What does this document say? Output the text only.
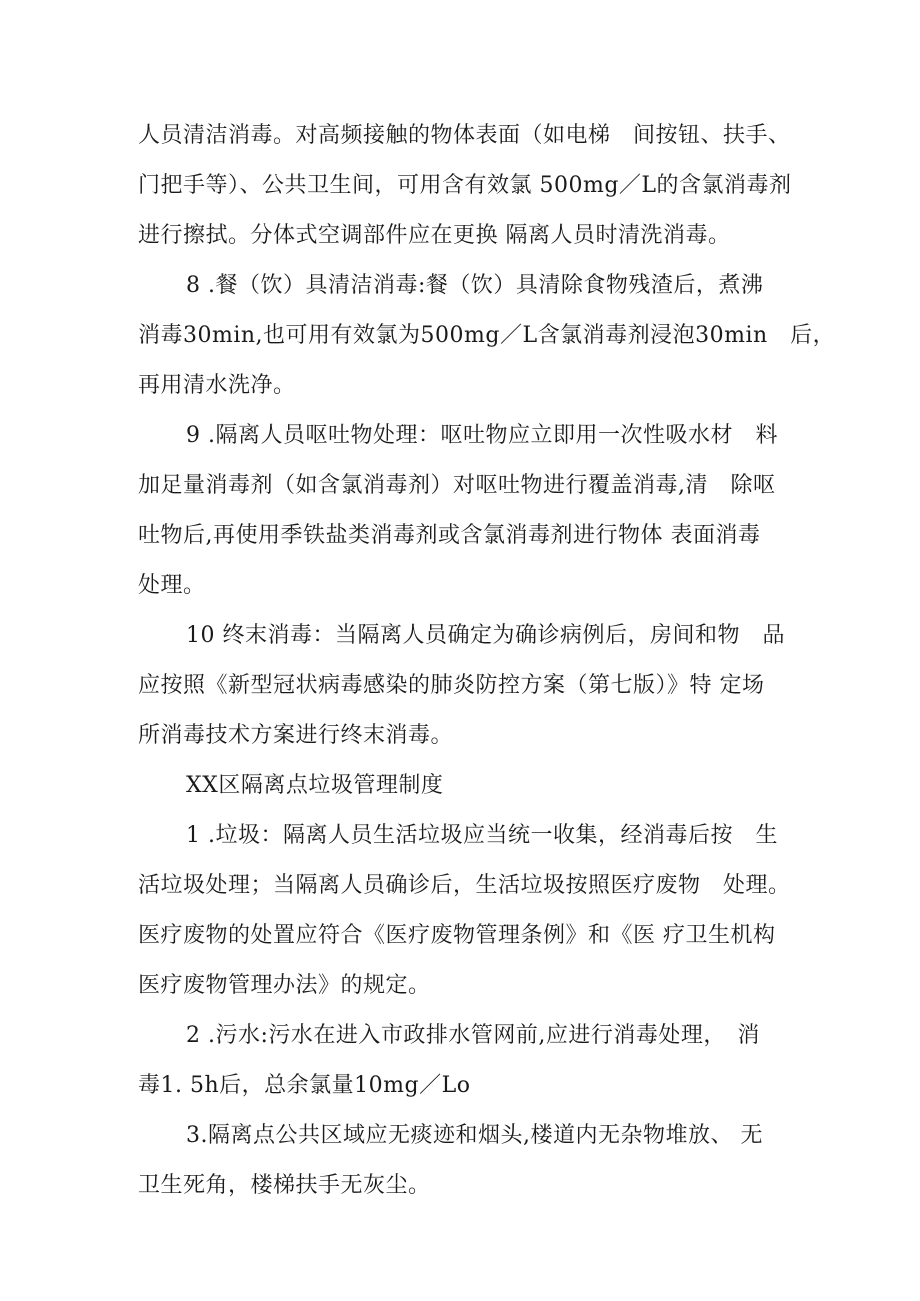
人员清洁消毒。对高频接触的物体表面（如电梯　间按钮、扶手、
门把手等）、公共卫生间，可用含有效氯 500mg／L的含氯消毒剂
进行擦拭。分体式空调部件应在更换 隔离人员时清洗消毒。
8 .餐（饮）具清洁消毒:餐（饮）具清除食物残渣后，煮沸
消毒30min,也可用有效氯为500mg／L含氯消毒剂浸泡30min　后，
再用清水洗净。
9 .隔离人员呕吐物处理：呕吐物应立即用一次性吸水材　料
加足量消毒剂（如含氯消毒剂）对呕吐物进行覆盖消毒,清　除呕
吐物后,再使用季铁盐类消毒剂或含氯消毒剂进行物体 表面消毒
处理。
10 终末消毒：当隔离人员确定为确诊病例后，房间和物　品
应按照《新型冠状病毒感染的肺炎防控方案（第七版）》特 定场
所消毒技术方案进行终末消毒。
XX区隔离点垃圾管理制度
1 .垃圾：隔离人员生活垃圾应当统一收集，经消毒后按　生
活垃圾处理；当隔离人员确诊后，生活垃圾按照医疗废物　处理。
医疗废物的处置应符合《医疗废物管理条例》和《医 疗卫生机构
医疗废物管理办法》的规定。
2 .污水:污水在进入市政排水管网前,应进行消毒处理，　消
毒1. 5h后，总余氯量10mg／Lo
3.隔离点公共区域应无痰迹和烟头,楼道内无杂物堆放、 无
卫生死角，楼梯扶手无灰尘。
